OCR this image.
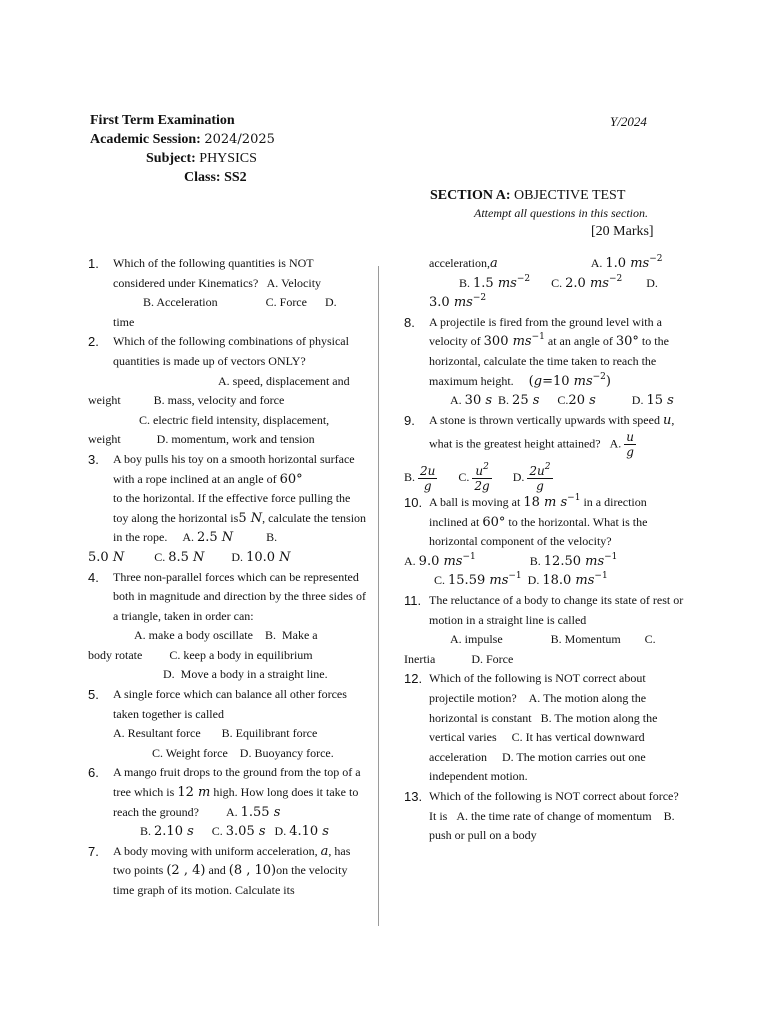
First Term Examination	Y/2024
Academic Session: 2024/2025
Subject: PHYSICS
Class: SS2
SECTION A: OBJECTIVE TEST
Attempt all questions in this section.
[20 Marks]
1.	Which of the following quantities is NOT considered under Kinematics?   A. Velocity
B. Acceleration                C. Force      D.
time
2.	Which of the following combinations of physical quantities is made up of vectors ONLY?
A. speed, displacement and
weight           B. mass, velocity and force
C. electric field intensity, displacement,
weight            D. momentum, work and tension
3.	A boy pulls his toy on a smooth horizontal surface with a rope inclined at an angle of 60°
to the horizontal. If the effective force pulling the toy along the horizontal is5 N, calculate the tension in the rope.     A. 2.5 N           B.
5.0 N          C. 8.5 N         D. 10.0 N
4.	Three non-parallel forces which can be represented both in magnitude and direction by the three sides of a triangle, taken in order can:
A. make a body oscillate    B.  Make a
body rotate         C. keep a body in equilibrium
D.  Move a body in a straight line.
5.	A single force which can balance all other forces taken together is called
A. Resultant force       B. Equilibrant force
C. Weight force    D. Buoyancy force.
6.	A mango fruit drops to the ground from the top of a tree which is 12 m high. How long does it take to reach the ground?         A. 1.55 s
B. 2.10 s      C. 3.05 s   D. 4.10 s
7.	A body moving with uniform acceleration, a, has two points (2 , 4) and (8 , 10)on the velocity time graph of its motion. Calculate its
acceleration,a                               A. 1.0 $ms^{-2}$
B. 1.5 $ms^{-2}$       C. 2.0 $ms^{-2}$        D.
3.0 $ms^{-2}$
8.	A projectile is fired from the ground level with a velocity of 300 $ms^{-1}$ at an angle of 30° to the horizontal, calculate the time taken to reach the maximum height.     (g=10 $ms^{-2}$)
A. 30 s  B. 25 s      C.20 s            D. 15 s
9.	A stone is thrown vertically upwards with speed u, what is the greatest height attained?   A. $\frac{u}{g}$
B. $\frac{2u}{g} C$. $\frac{u^2}{2g} D$. $\frac{2u^2}{g}$
10. A ball is moving at 18 m $s^{-1}$ in a direction inclined at 60° to the horizontal. What is the horizontal component of the velocity?
A. 9.0 $ms^{-1}$                  B. 12.50 $ms^{-1}$
C. 15.59 $ms^{-1}$  D. 18.0 $ms^{-1}$
11. The reluctance of a body to change its state of rest or motion in a straight line is called
A. impulse                B. Momentum        C.
Inertia            D. Force
12. Which of the following is NOT correct about projectile motion?    A. The motion along the horizontal is constant   B. The motion along the vertical varies     C. It has vertical downward acceleration     D. The motion carries out one independent motion.
13. Which of the following is NOT correct about force? It is   A. the time rate of change of momentum    B. push or pull on a body
